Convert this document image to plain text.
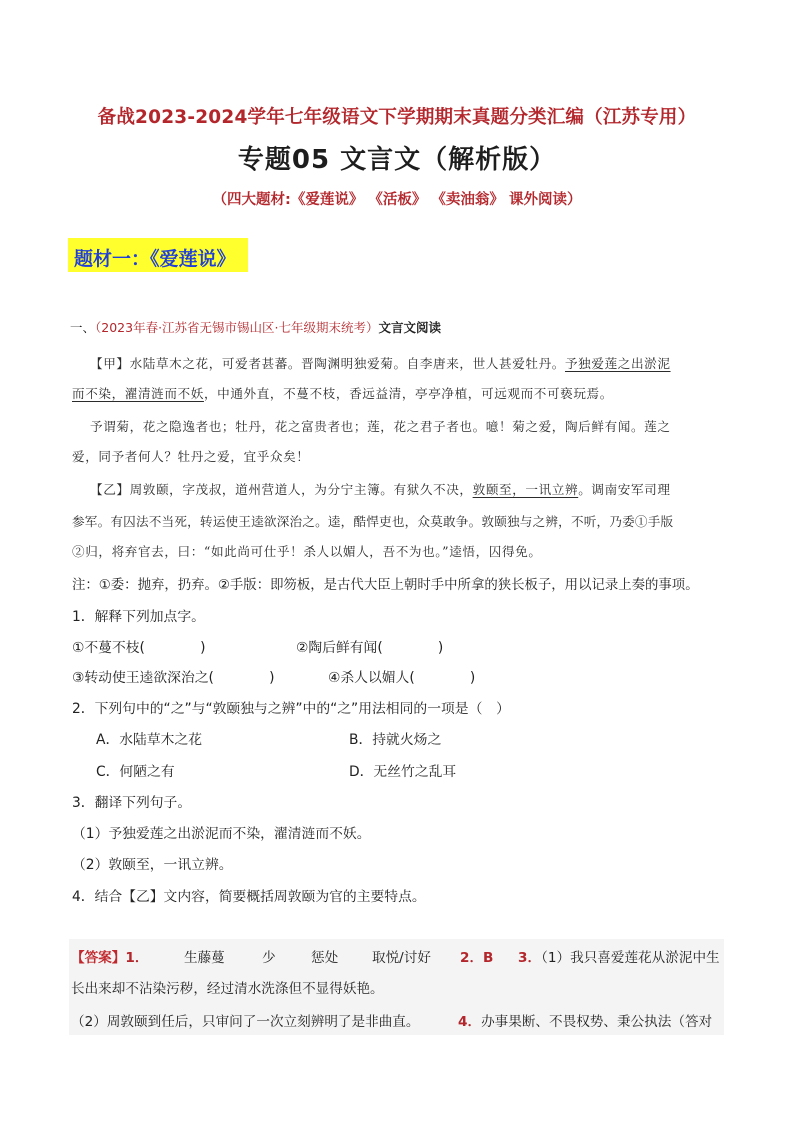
备战2023-2024学年七年级语文下学期期末真题分类汇编（江苏专用）
专题05 文言文（解析版）
（四大题材:《爱莲说》 《活板》 《卖油翁》 课外阅读）
题材一：《爱莲说》
一、（2023年春·江苏省无锡市锡山区·七年级期末统考）文言文阅读
【甲】水陆草木之花，可爱者甚蕃。晋陶渊明独爱菊。自李唐来，世人甚爱牡丹。予独爱莲之出淤泥
而不染，濯清涟而不妖，中通外直，不蔓不枝，香远益清，亭亭净植，可远观而不可亵玩焉。
予谓菊，花之隐逸者也；牡丹，花之富贵者也；莲，花之君子者也。噫！菊之爱，陶后鲜有闻。莲之
爱，同予者何人？牡丹之爱，宜乎众矣！
【乙】周敦颐，字茂叔，道州营道人，为分宁主簿。有狱久不决，敦颐至，一讯立辨。调南安军司理
参军。有囚法不当死，转运使王逵欲深治之。逵，酷悍吏也，众莫敢争。敦颐独与之辨，不听，乃委①手版
②归，将弃官去，曰：“如此尚可仕乎！杀人以媚人，吾不为也。”逵悟，囚得免。
注：①委：抛弃，扔弃。②手版：即笏板，是古代大臣上朝时手中所拿的狭长板子，用以记录上奏的事项。
1．解释下列加点字。
①不蔓不枝(　　　　)	②陶后鲜有闻(　　　　)
③转动使王逵欲深治之(　　　　)	④杀人以媚人(　　　　)
2．下列句中的“之”与“敦颐独与之辨”中的“之”用法相同的一项是（　）
A．水陆草木之花	B．持就火炀之
C．何陋之有	D．无丝竹之乱耳
3．翻译下列句子。
（1）予独爱莲之出淤泥而不染，濯清涟而不妖。
（2）敦颐至，一讯立辨。
4．结合【乙】文内容，简要概括周敦颐为官的主要特点。
【答案】1．	生藤蔓	少	惩处 取悦/讨好 2．B 3．（1）我只喜爱莲花从淤泥中生
长出来却不沾染污秽，经过清水洗涤但不显得妖艳。
（2）周敦颐到任后，只审问了一次立刻辨明了是非曲直。	4．办事果断、不畏权势、秉公执法（答对
